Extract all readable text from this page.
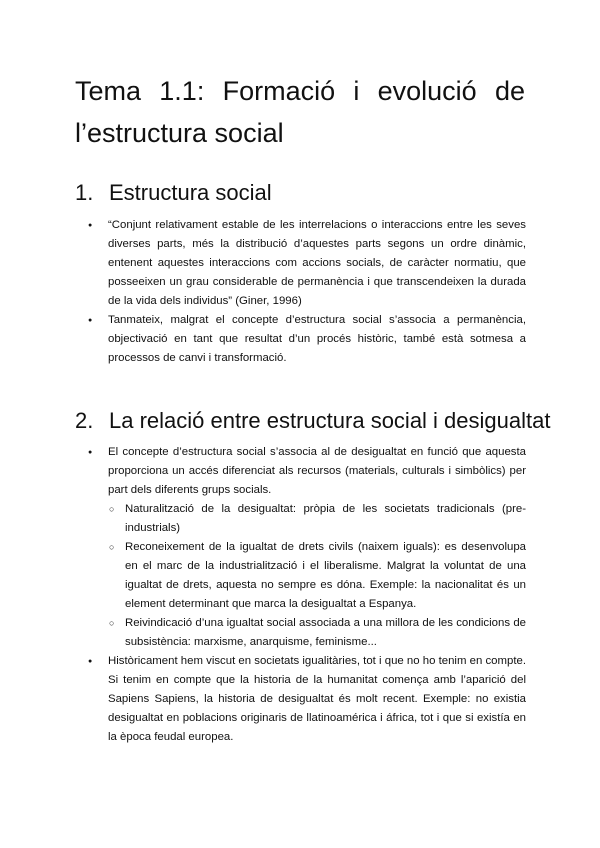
Tema 1.1: Formació i evolució de
l’estructura social
1. Estructura social
● “Conjunt relativament estable de les interrelacions o interaccions entre les seves diverses parts, més la distribució d’aquestes parts segons un ordre dinàmic, entenent aquestes interaccions com accions socials, de caràcter normatiu, que posseeixen un grau considerable de permanència i que transcendeixen la durada de la vida dels individus” (Giner, 1996)
● Tanmateix, malgrat el concepte d’estructura social s’associa a permanència, objectivació en tant que resultat d’un procés històric, també està sotmesa a processos de canvi i transformació.
2. La relació entre estructura social i desigualtat
● El concepte d’estructura social s’associa al de desigualtat en funció que aquesta proporciona un accés diferenciat als recursos (materials, culturals i simbòlics) per part dels diferents grups socials.
○ Naturalització de la desigualtat: pròpia de les societats tradicionals (pre-industrials)
○ Reconeixement de la igualtat de drets civils (naixem iguals): es desenvolupa en el marc de la industrialització i el liberalisme. Malgrat la voluntat de una igualtat de drets, aquesta no sempre es dóna. Exemple: la nacionalitat és un element determinant que marca la desigualtat a Espanya.
○ Reivindicació d’una igualtat social associada a una millora de les condicions de subsistència: marxisme, anarquisme, feminisme...
● Històricament hem viscut en societats igualitàries, tot i que no ho tenim en compte. Si tenim en compte que la historia de la humanitat comença amb l’aparició del Sapiens Sapiens, la historia de desigualtat és molt recent. Exemple: no existia desigualtat en poblacions originaris de llatinoamérica i áfrica, tot i que si existía en la època feudal europea.
